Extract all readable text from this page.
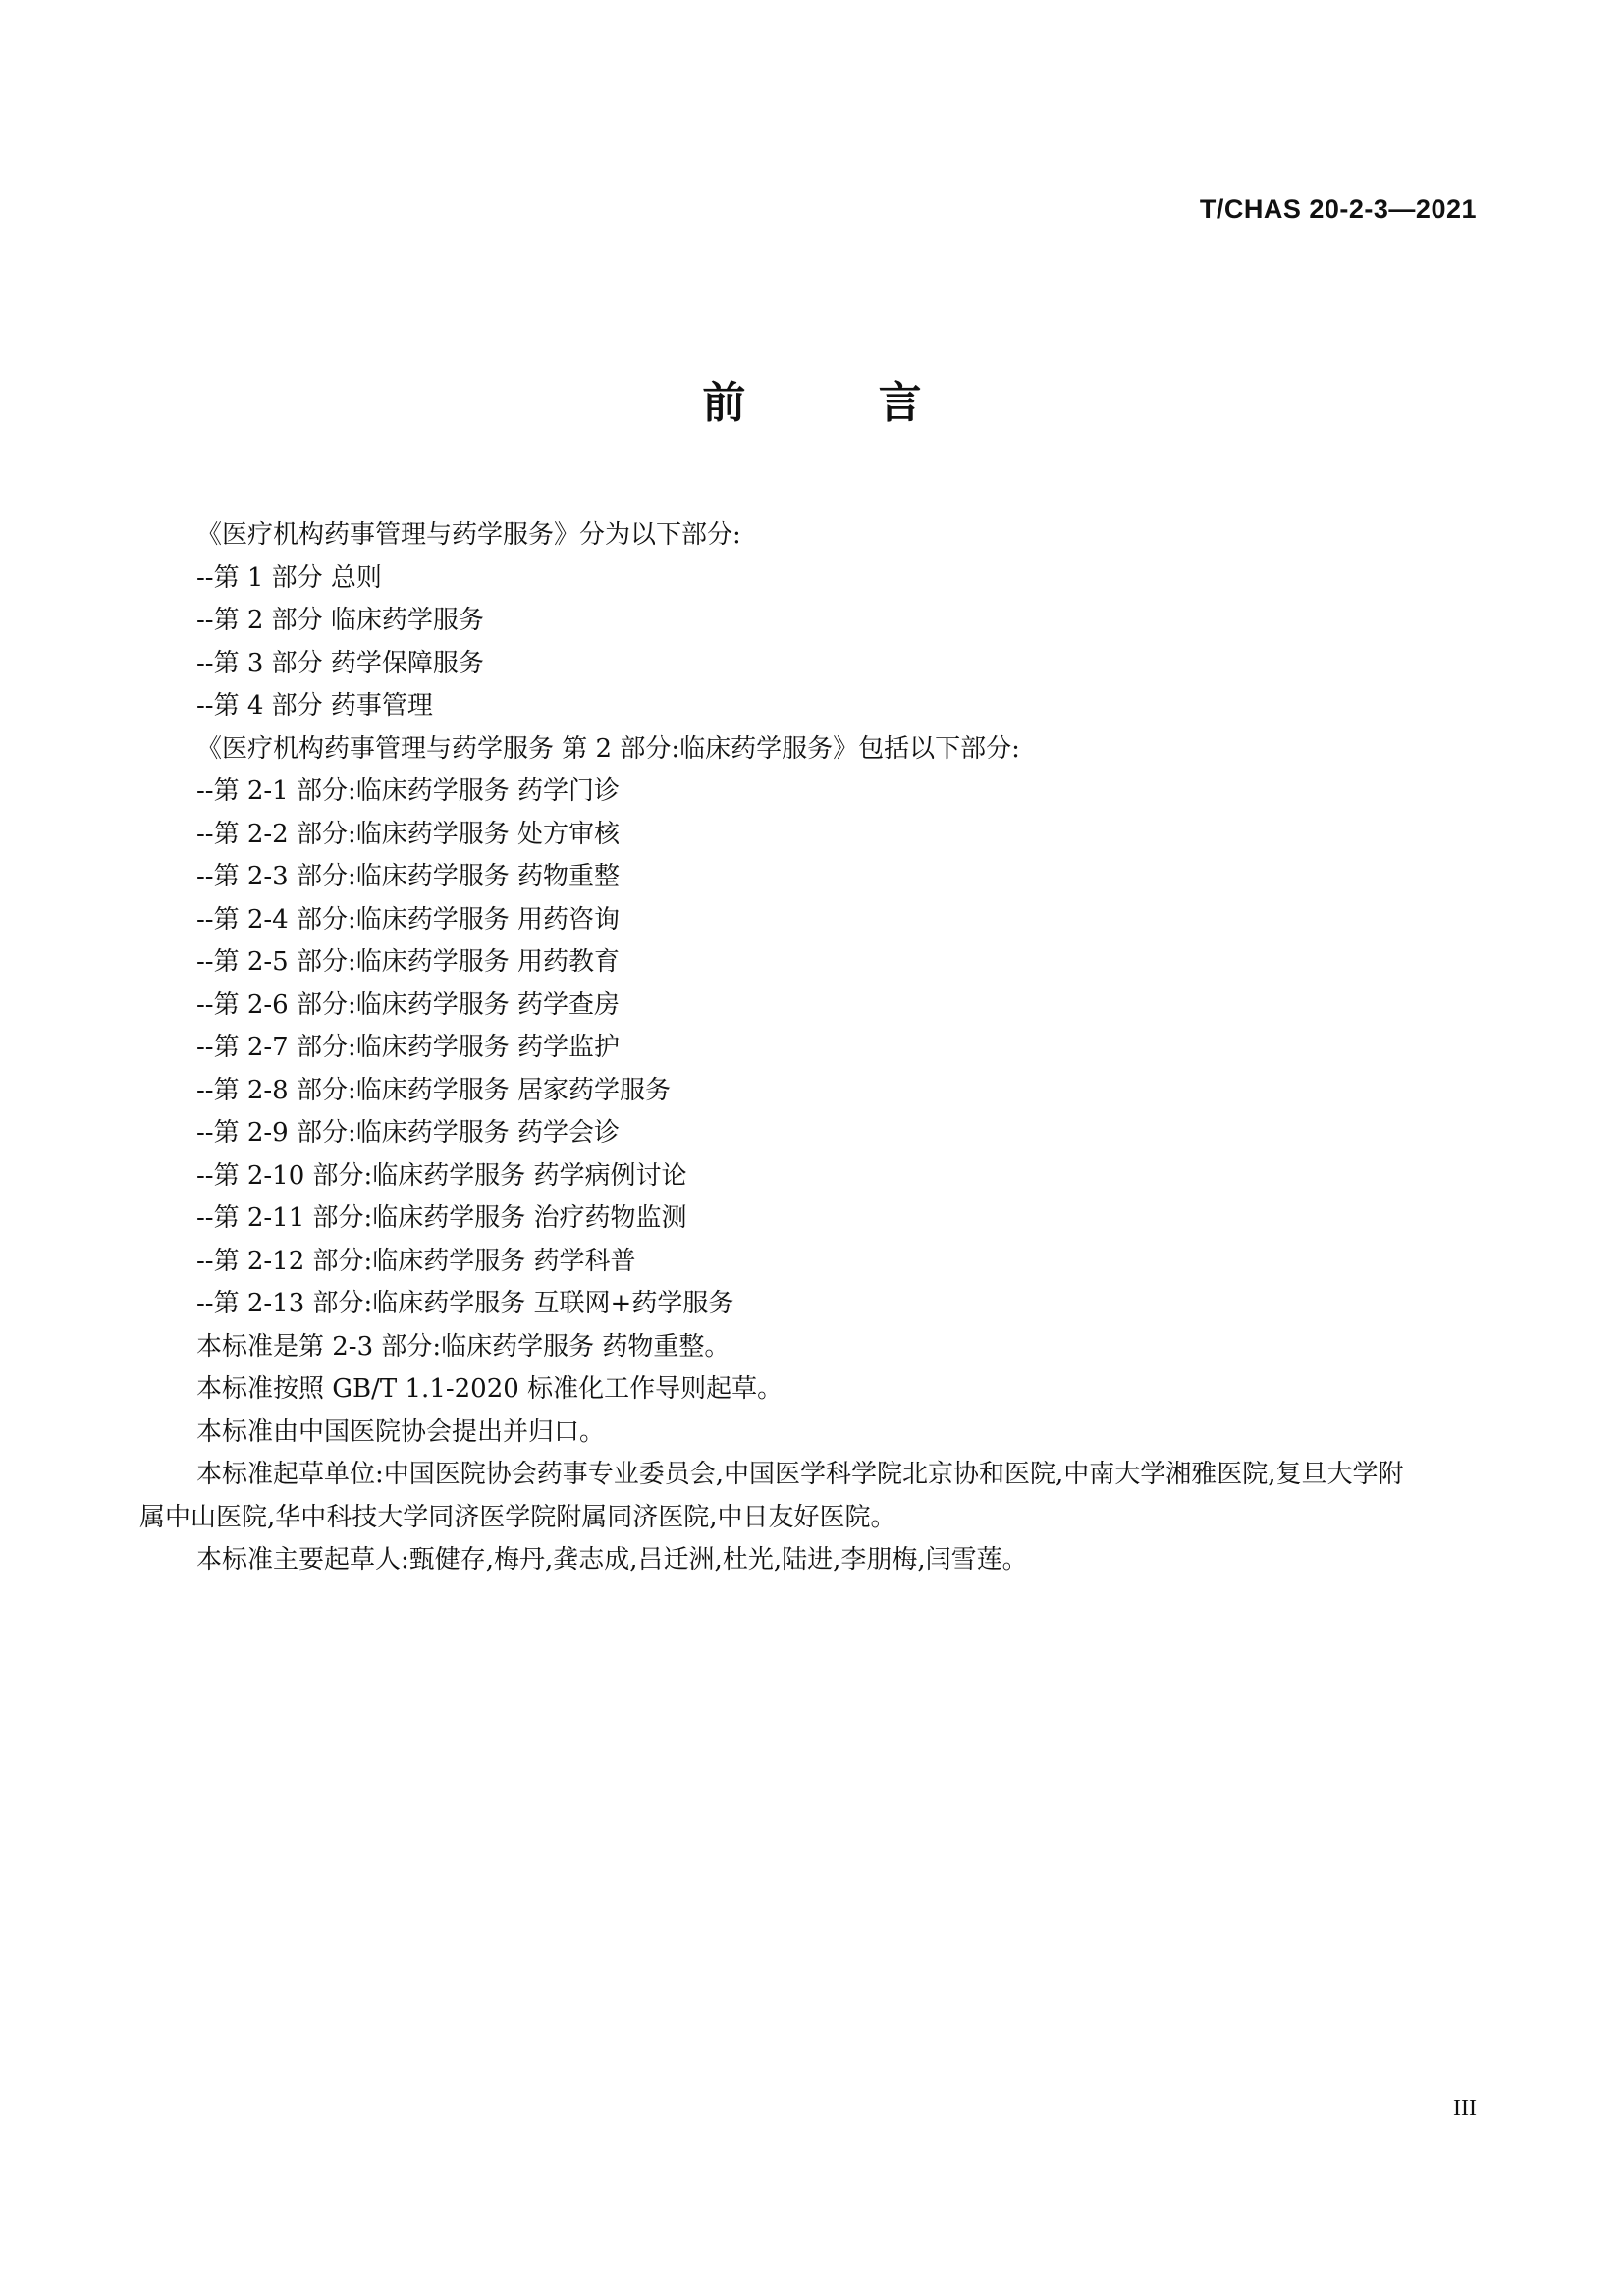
T/CHAS 20-2-3—2021
前 言
《医疗机构药事管理与药学服务》分为以下部分:
--第 1 部分 总则
--第 2 部分 临床药学服务
--第 3 部分 药学保障服务
--第 4 部分 药事管理
《医疗机构药事管理与药学服务 第 2 部分:临床药学服务》包括以下部分:
--第 2-1 部分:临床药学服务 药学门诊
--第 2-2 部分:临床药学服务 处方审核
--第 2-3 部分:临床药学服务 药物重整
--第 2-4 部分:临床药学服务 用药咨询
--第 2-5 部分:临床药学服务 用药教育
--第 2-6 部分:临床药学服务 药学查房
--第 2-7 部分:临床药学服务 药学监护
--第 2-8 部分:临床药学服务 居家药学服务
--第 2-9 部分:临床药学服务 药学会诊
--第 2-10 部分:临床药学服务 药学病例讨论
--第 2-11 部分:临床药学服务 治疗药物监测
--第 2-12 部分:临床药学服务 药学科普
--第 2-13 部分:临床药学服务 互联网+药学服务
本标准是第 2-3 部分:临床药学服务 药物重整。
本标准按照 GB/T 1.1-2020 标准化工作导则起草。
本标准由中国医院协会提出并归口。
本标准起草单位:中国医院协会药事专业委员会,中国医学科学院北京协和医院,中南大学湘雅医院,复旦大学附属中山医院,华中科技大学同济医学院附属同济医院,中日友好医院。
本标准主要起草人:甄健存,梅丹,龚志成,吕迁洲,杜光,陆进,李朋梅,闫雪莲。
III
